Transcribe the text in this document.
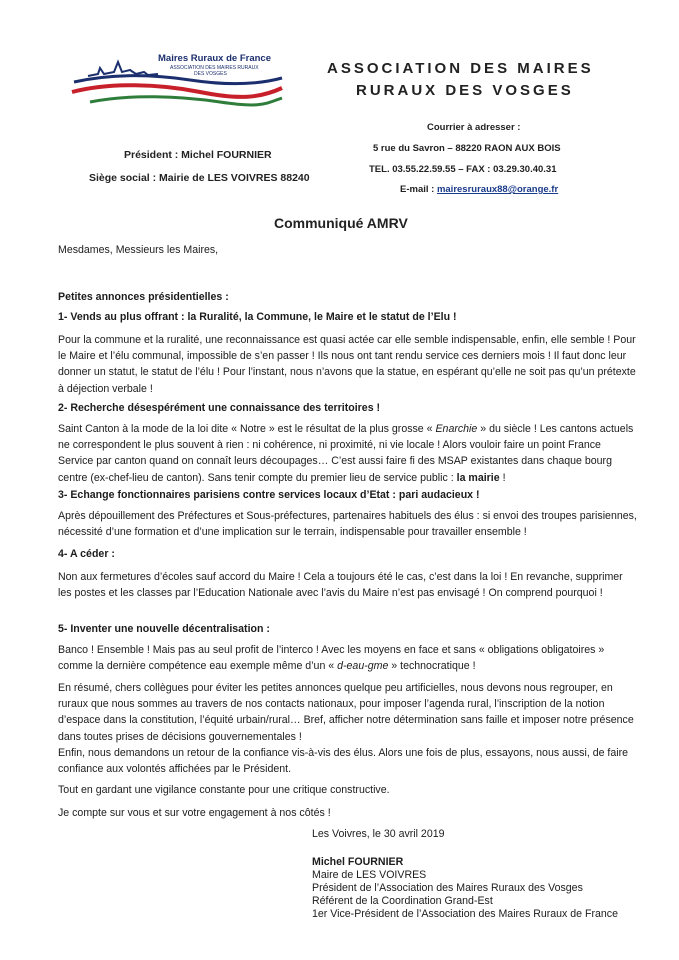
Maires Ruraux de France
ASSOCIATION DES MAIRES RURAUX
DES VOSGES	ASSOCIATION DES MAIRES
RURAUX DES VOSGES
Courrier à adresser :
5 rue du Savron – 88220 RAON AUX BOIS
TEL. 03.55.22.59.55 – FAX : 03.29.30.40.31
E-mail : mairesruraux88@orange.fr
Président : Michel FOURNIER
Siège social : Mairie de LES VOIVRES 88240
Communiqué AMRV
Mesdames, Messieurs les Maires,
Petites annonces présidentielles :
1- Vends au plus offrant : la Ruralité, la Commune, le Maire et le statut de l’Elu !
Pour la commune et la ruralité, une reconnaissance est quasi actée car elle semble indispensable, enfin, elle semble ! Pour le Maire et l’élu communal, impossible de s’en passer ! Ils nous ont tant rendu service ces derniers mois ! Il faut donc leur donner un statut, le statut de l’élu ! Pour l’instant, nous n’avons que la statue, en espérant qu’elle ne soit pas qu’un prétexte à déjection verbale !
2- Recherche désespérément une connaissance des territoires !
Saint Canton à la mode de la loi dite « Notre » est le résultat de la plus grosse « Enarchie » du siècle ! Les cantons actuels ne correspondent le plus souvent à rien : ni cohérence, ni proximité, ni vie locale ! Alors vouloir faire un point France Service par canton quand on connaît leurs découpages… C’est aussi faire fi des MSAP existantes dans chaque bourg centre (ex-chef-lieu de canton). Sans tenir compte du premier lieu de service public : la mairie !
3- Echange fonctionnaires parisiens contre services locaux d’Etat : pari audacieux !
Après dépouillement des Préfectures et Sous-préfectures, partenaires habituels des élus : si envoi des troupes parisiennes, nécessité d’une formation et d’une implication sur le terrain, indispensable pour travailler ensemble !
4- A céder :
Non aux fermetures d’écoles sauf accord du Maire ! Cela a toujours été le cas, c’est dans la loi ! En revanche, supprimer les postes et les classes par l’Education Nationale avec l’avis du Maire n’est pas envisagé ! On comprend pourquoi !
5- Inventer une nouvelle décentralisation :
Banco ! Ensemble ! Mais pas au seul profit de l’interco ! Avec les moyens en face et sans « obligations obligatoires » comme la dernière compétence eau exemple même d’un « d-eau-gme » technocratique !
En résumé, chers collègues pour éviter les petites annonces quelque peu artificielles, nous devons nous regrouper, en ruraux que nous sommes au travers de nos contacts nationaux, pour imposer l’agenda rural, l’inscription de la notion d’espace dans la constitution, l’équité urbain/rural… Bref, afficher notre détermination sans faille et imposer notre présence dans toutes prises de décisions gouvernementales !
Enfin, nous demandons un retour de la confiance vis-à-vis des élus. Alors une fois de plus, essayons, nous aussi, de faire confiance aux volontés affichées par le Président.
Tout en gardant une vigilance constante pour une critique constructive.
Je compte sur vous et sur votre engagement à nos côtés !
Les Voivres, le 30 avril 2019
Michel FOURNIER
Maire de LES VOIVRES
Président de l’Association des Maires Ruraux des Vosges
Référent de la Coordination Grand-Est
1er Vice-Président de l’Association des Maires Ruraux de France
